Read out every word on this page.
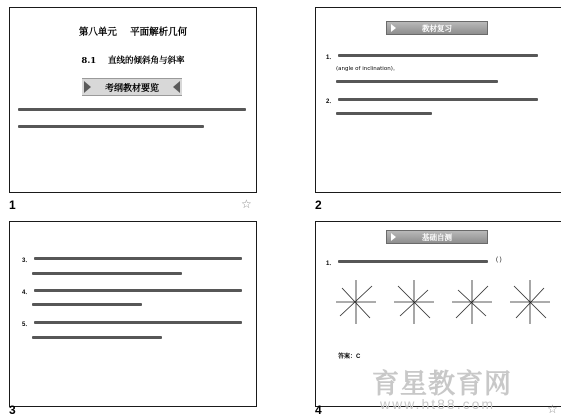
第八单元    平面解析几何
8.1    直线的倾斜角与斜率
考纲教材要览
1	☆
教材复习
1．
(angle of inclination)。
2．
2
3．
4．
5．
3
基础自测
1．
( )
答案：C
4	☆
育星教育网
www.ht88.com
